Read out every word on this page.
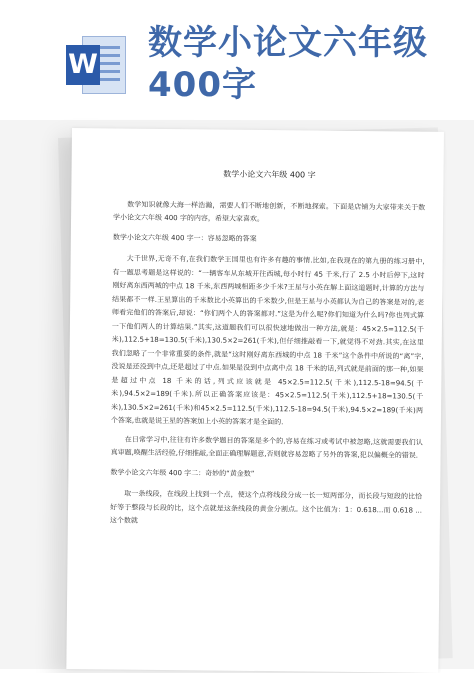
W
数学小论文六年级
400字
数学小论文六年级 400 字

数学知识就像大海一样浩瀚，需要人们不断地创新，不断地探索。下面是店铺为大家带来关于数学小论文六年级 400 字的内容，希望大家喜欢。

数学小论文六年级 400 字一：容易忽略的答案

大千世界,无奇不有,在我们数学王国里也有许多有趣的事情.比如,在我现在的第九册的练习册中,有一题思考题是这样说的：“一辆客车从东城开往西城,每小时行 45 千米,行了 2.5 小时后停下,这时刚好离东西两城的中点 18 千米,东西两城相距多少千米?王星与小英在解上面这道题时,计算的方法与结果都不一样.王星算出的千米数比小英算出的千米数少,但是王星与小英都认为自己的答案是对的,老师看完他们的答案后,却说：“你们两个人的答案都对.”这是为什么呢?你们知道为什么吗?你也列式算一下他们两人的计算结果.”其实,这道题我们可以很快速地做出一种方法,就是：45×2.5=112.5(千米),112.5+18=130.5(千米),130.5×2=261(千米),但仔细推敲看一下,就觉得不对劲.其实,在这里我们忽略了一个非常重要的条件,就是“这时刚好离东西城的中点 18 千米”这个条件中所说的“离”字,没说是还没到中点,还是超过了中点.如果是没到中点离中点 18 千米的话,列式就是前面的那一种,如果是超过中点 18 千米的话,列式应该就是 45×2.5=112.5(千米),112.5-18=94.5(千米),94.5×2=189(千米).所以正确答案应该是：45×2.5=112.5(千米),112.5+18=130.5(千米),130.5×2=261(千米)和45×2.5=112.5(千米),112.5-18=94.5(千米),94.5×2=189(千米)两个答案,也就是说王星的答案加上小英的答案才是全面的.

在日常学习中,往往有许多数学题目的答案是多个的,容易在练习或考试中被忽略,这就需要我们认真审题,唤醒生活经验,仔细推敲,全面正确理解题意,否则就容易忽略了另外的答案,犯以偏概全的错误.

数学小论文六年级 400 字二：奇妙的“黄金数”

取一条线段，在线段上找到一个点，使这个点将线段分成一长一短两部分，而长段与短段的比恰好等于整段与长段的比，这个点就是这条线段的黄金分割点。这个比值为：1：0.618...而 0.618 ...这个数就
